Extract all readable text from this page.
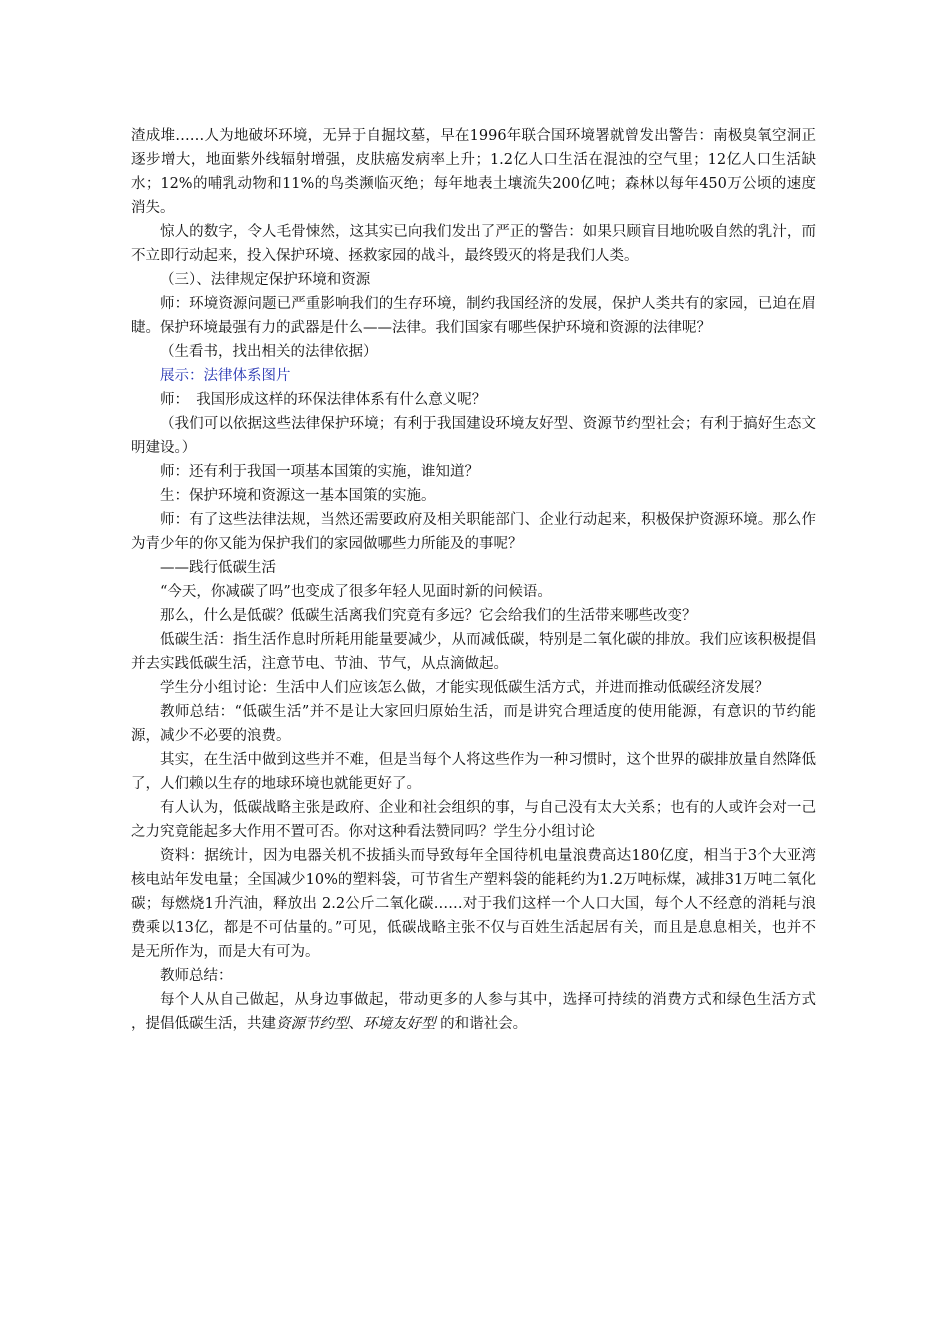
渣成堆……人为地破坏环境，无异于自掘坟墓，早在1996年联合国环境署就曾发出警告：南极臭氧空洞正逐步增大，地面紫外线辐射增强，皮肤癌发病率上升；1.2亿人口生活在混浊的空气里；12亿人口生活缺水；12%的哺乳动物和11%的鸟类濒临灭绝；每年地表土壤流失200亿吨；森林以每年450万公顷的速度消失。

惊人的数字，令人毛骨悚然，这其实已向我们发出了严正的警告：如果只顾盲目地吮吸自然的乳汁，而不立即行动起来，投入保护环境、拯救家园的战斗，最终毁灭的将是我们人类。

（三）、法律规定保护环境和资源

师：环境资源问题已严重影响我们的生存环境，制约我国经济的发展，保护人类共有的家园，已迫在眉睫。保护环境最强有力的武器是什么——法律。我们国家有哪些保护环境和资源的法律呢？

（生看书，找出相关的法律依据）

展示：法律体系图片

师：　我国形成这样的环保法律体系有什么意义呢？

（我们可以依据这些法律保护环境；有利于我国建设环境友好型、资源节约型社会；有利于搞好生态文明建设。）

师：还有利于我国一项基本国策的实施，谁知道？

生：保护环境和资源这一基本国策的实施。

师：有了这些法律法规，当然还需要政府及相关职能部门、企业行动起来，积极保护资源环境。那么作为青少年的你又能为保护我们的家园做哪些力所能及的事呢？

——践行低碳生活

“今天，你减碳了吗”也变成了很多年轻人见面时新的问候语。

那么，什么是低碳？低碳生活离我们究竟有多远？它会给我们的生活带来哪些改变？

低碳生活：指生活作息时所耗用能量要减少，从而减低碳，特别是二氧化碳的排放。我们应该积极提倡并去实践低碳生活，注意节电、节油、节气，从点滴做起。

学生分小组讨论：生活中人们应该怎么做，才能实现低碳生活方式，并进而推动低碳经济发展？

教师总结：“低碳生活”并不是让大家回归原始生活，而是讲究合理适度的使用能源，有意识的节约能源，减少不必要的浪费。

其实，在生活中做到这些并不难，但是当每个人将这些作为一种习惯时，这个世界的碳排放量自然降低了，人们赖以生存的地球环境也就能更好了。

有人认为，低碳战略主张是政府、企业和社会组织的事，与自己没有太大关系；也有的人或许会对一己之力究竟能起多大作用不置可否。你对这种看法赞同吗？学生分小组讨论

资料：据统计，因为电器关机不拔插头而导致每年全国待机电量浪费高达180亿度，相当于3个大亚湾核电站年发电量；全国减少10%的塑料袋，可节省生产塑料袋的能耗约为1.2万吨标煤，减排31万吨二氧化碳；每燃烧1升汽油，释放出 2.2公斤二氧化碳……对于我们这样一个人口大国，每个人不经意的消耗与浪费乘以13亿，都是不可估量的。”可见，低碳战略主张不仅与百姓生活起居有关，而且是息息相关，也并不是无所作为，而是大有可为。

教师总结：

每个人从自己做起，从身边事做起，带动更多的人参与其中，选择可持续的消费方式和绿色生活方式 ，提倡低碳生活，共建资源节约型、环境友好型 的和谐社会。
